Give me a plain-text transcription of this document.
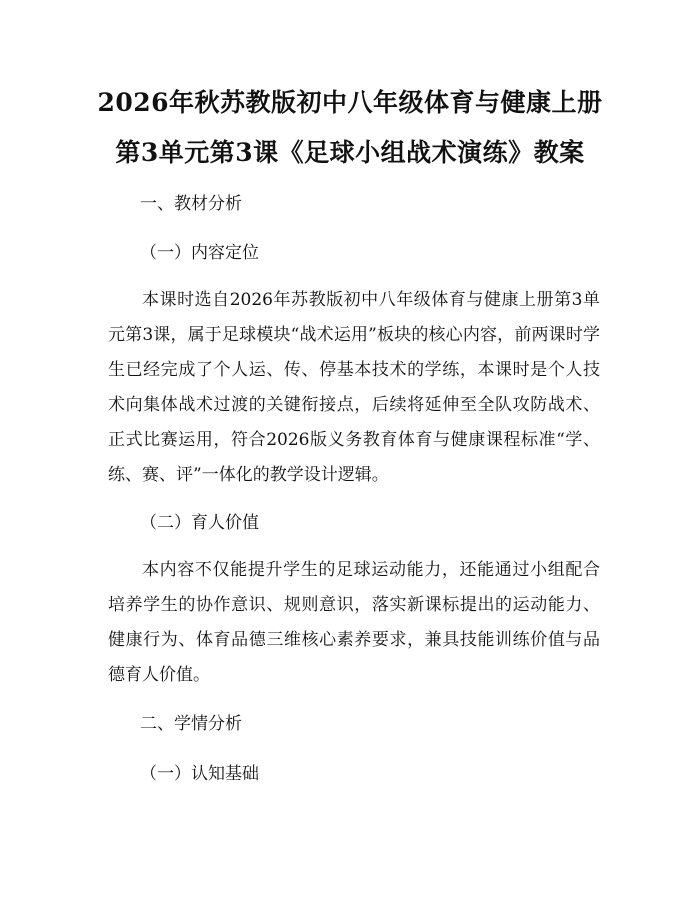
2026年秋苏教版初中八年级体育与健康上册
第3单元第3课《足球小组战术演练》教案
一、教材分析
（一）内容定位

本课时选自2026年苏教版初中八年级体育与健康上册第3单元第3课，属于足球模块“战术运用”板块的核心内容，前两课时学生已经完成了个人运、传、停基本技术的学练，本课时是个人技术向集体战术过渡的关键衔接点，后续将延伸至全队攻防战术、正式比赛运用，符合2026版义务教育体育与健康课程标准“学、练、赛、评”一体化的教学设计逻辑。

（二）育人价值

本内容不仅能提升学生的足球运动能力，还能通过小组配合培养学生的协作意识、规则意识，落实新课标提出的运动能力、健康行为、体育品德三维核心素养要求，兼具技能训练价值与品德育人价值。

二、学情分析
（一）认知基础
